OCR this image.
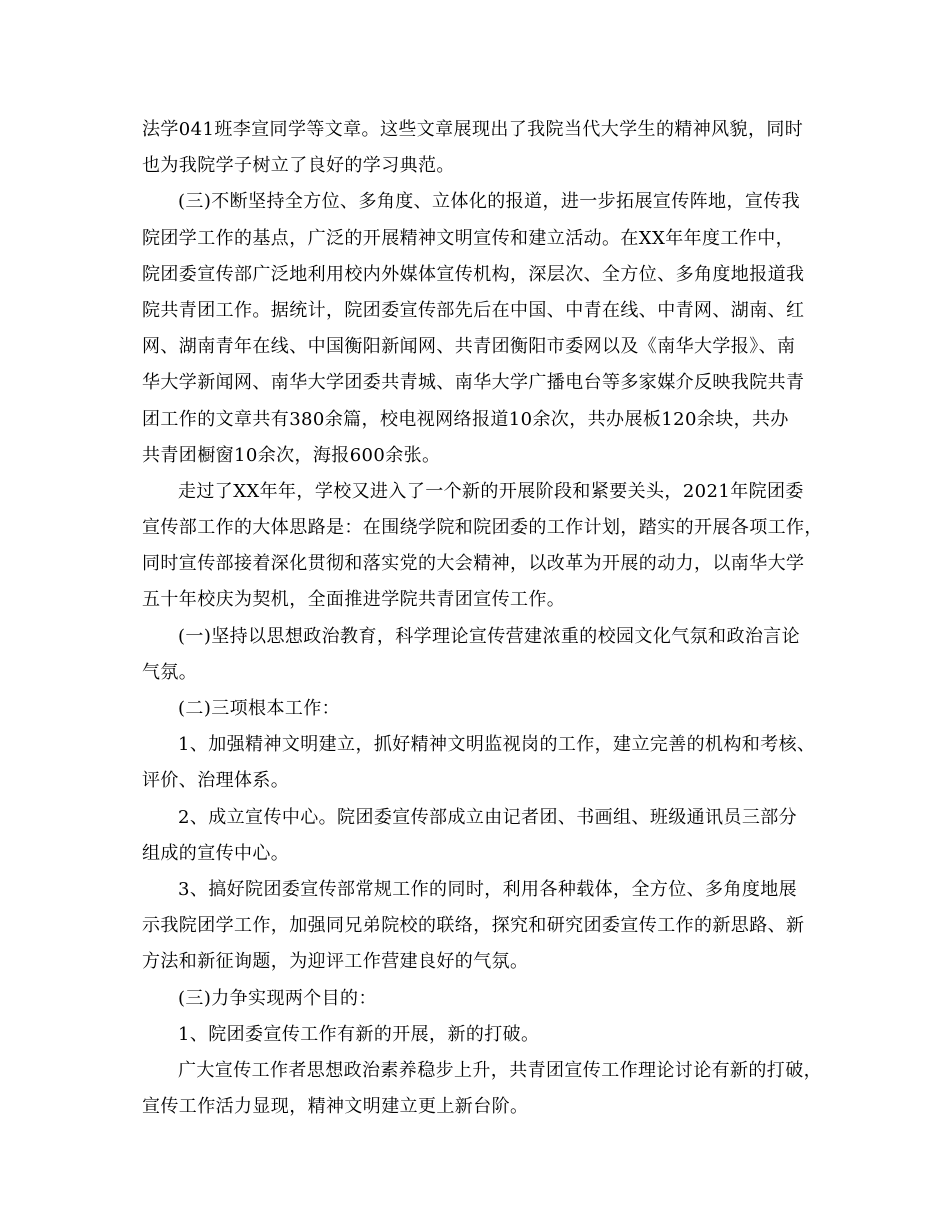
法学041班李宣同学等文章。这些文章展现出了我院当代大学生的精神风貌，同时
也为我院学子树立了良好的学习典范。
(三)不断坚持全方位、多角度、立体化的报道，进一步拓展宣传阵地，宣传我
院团学工作的基点，广泛的开展精神文明宣传和建立活动。在XX年年度工作中，
院团委宣传部广泛地利用校内外媒体宣传机构，深层次、全方位、多角度地报道我
院共青团工作。据统计，院团委宣传部先后在中国、中青在线、中青网、湖南、红
网、湖南青年在线、中国衡阳新闻网、共青团衡阳市委网以及《南华大学报》、南
华大学新闻网、南华大学团委共青城、南华大学广播电台等多家媒介反映我院共青
团工作的文章共有380余篇，校电视网络报道10余次，共办展板120余块，共办
共青团橱窗10余次，海报600余张。
走过了XX年年，学校又进入了一个新的开展阶段和紧要关头，2021年院团委
宣传部工作的大体思路是：在围绕学院和院团委的工作计划，踏实的开展各项工作，
同时宣传部接着深化贯彻和落实党的大会精神，以改革为开展的动力，以南华大学
五十年校庆为契机，全面推进学院共青团宣传工作。
(一)坚持以思想政治教育，科学理论宣传营建浓重的校园文化气氛和政治言论
气氛。
(二)三项根本工作：
1、加强精神文明建立，抓好精神文明监视岗的工作，建立完善的机构和考核、
评价、治理体系。
2、成立宣传中心。院团委宣传部成立由记者团、书画组、班级通讯员三部分
组成的宣传中心。
3、搞好院团委宣传部常规工作的同时，利用各种载体，全方位、多角度地展
示我院团学工作，加强同兄弟院校的联络，探究和研究团委宣传工作的新思路、新
方法和新征询题，为迎评工作营建良好的气氛。
(三)力争实现两个目的：
1、院团委宣传工作有新的开展，新的打破。
广大宣传工作者思想政治素养稳步上升，共青团宣传工作理论讨论有新的打破，
宣传工作活力显现，精神文明建立更上新台阶。
